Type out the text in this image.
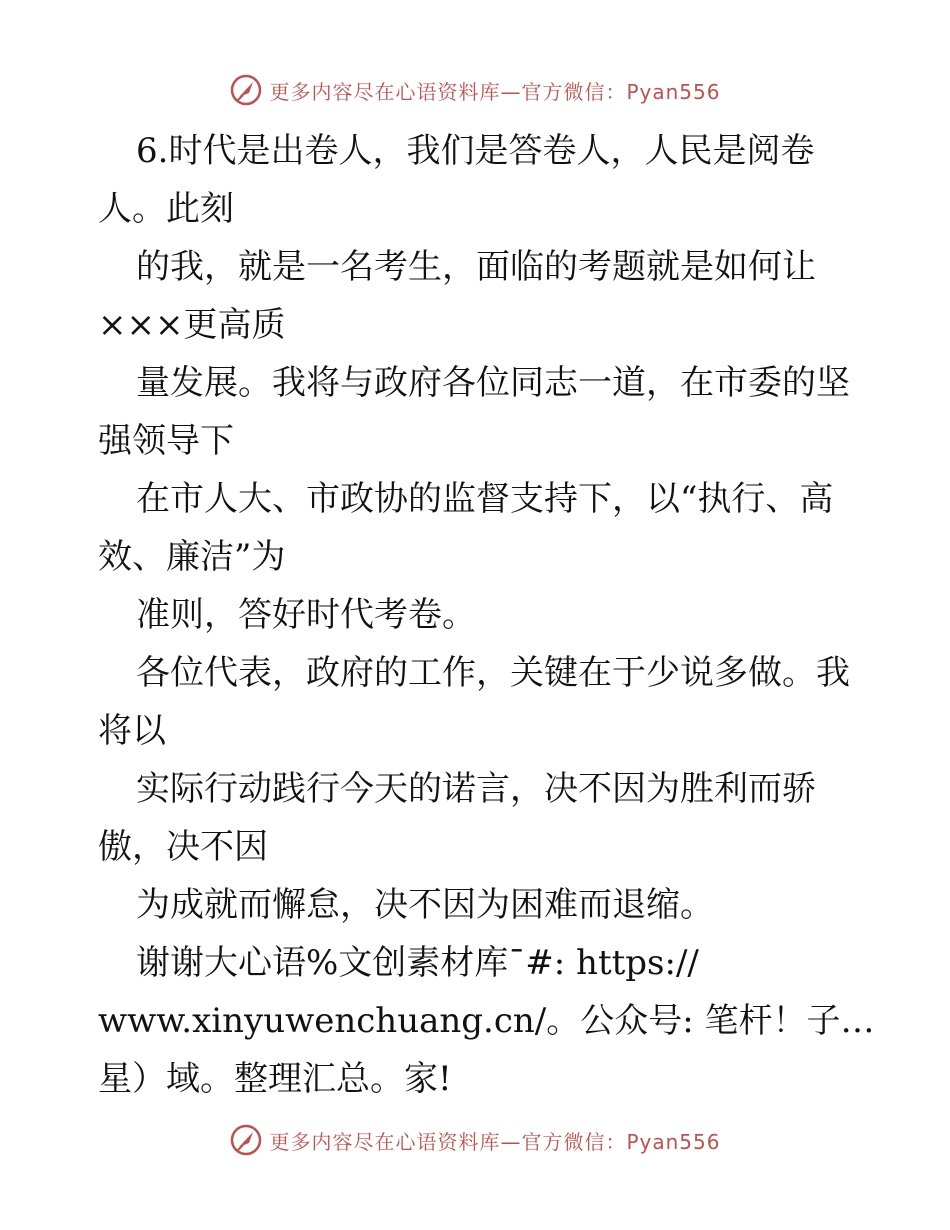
更多内容尽在心语资料库— 官方微信：Pyan556
6.时代是出卷人，我们是答卷人，人民是阅卷
人。此刻
的我，就是一名考生，面临的考题就是如何让
×××更高质
量发展。我将与政府各位同志一道，在市委的坚
强领导下
在市人大、市政协的监督支持下，以“执行、高
效、廉洁”为
准则，答好时代考卷。
各位代表，政府的工作，关键在于少说多做。我
将以
实际行动践行今天的诺言，决不因为胜利而骄
傲，决不因
为成就而懈怠，决不因为困难而退缩。
谢谢大心语%文创素材库¯#: https://
www.xinyuwenchuang.cn/。公众号: 笔杆！子…
星）域。整理汇总。家!
更多内容尽在心语资料库— 官方微信：Pyan556
